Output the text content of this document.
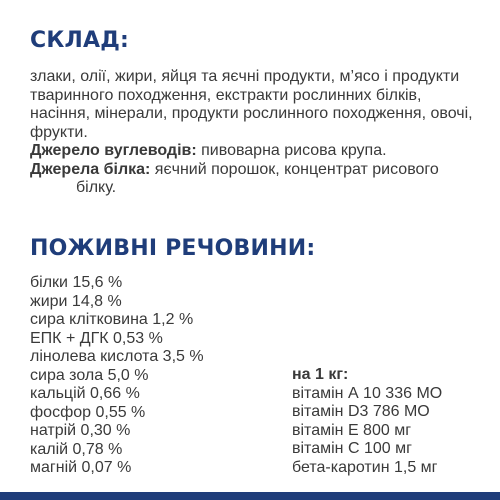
СКЛАД:

злаки, олії, жири, яйця та яєчні продукти, м’ясо і продукти тваринного походження, екстракти рослинних білків, насіння, мінерали, продукти рослинного походження, овочі, фрукти.
Джерело вуглеводів: пивоварна рисова крупа.
Джерела білка: яєчний порошок, концентрат рисового
білку.

ПОЖИВНІ РЕЧОВИНИ:
білки 15,6 %
жири 14,8 %
сира клітковина 1,2 %
ЕПК + ДГК 0,53 %
лінолева кислота 3,5 %
сира зола 5,0 %
кальцій 0,66 %
фосфор 0,55 %
натрій 0,30 %
калій 0,78 %
магній 0,07 %
на 1 кг:
вітамін А 10 336 МО
вітамін D3 786 МО
вітамін Е 800 мг
вітамін С 100 мг
бета-каротин 1,5 мг
